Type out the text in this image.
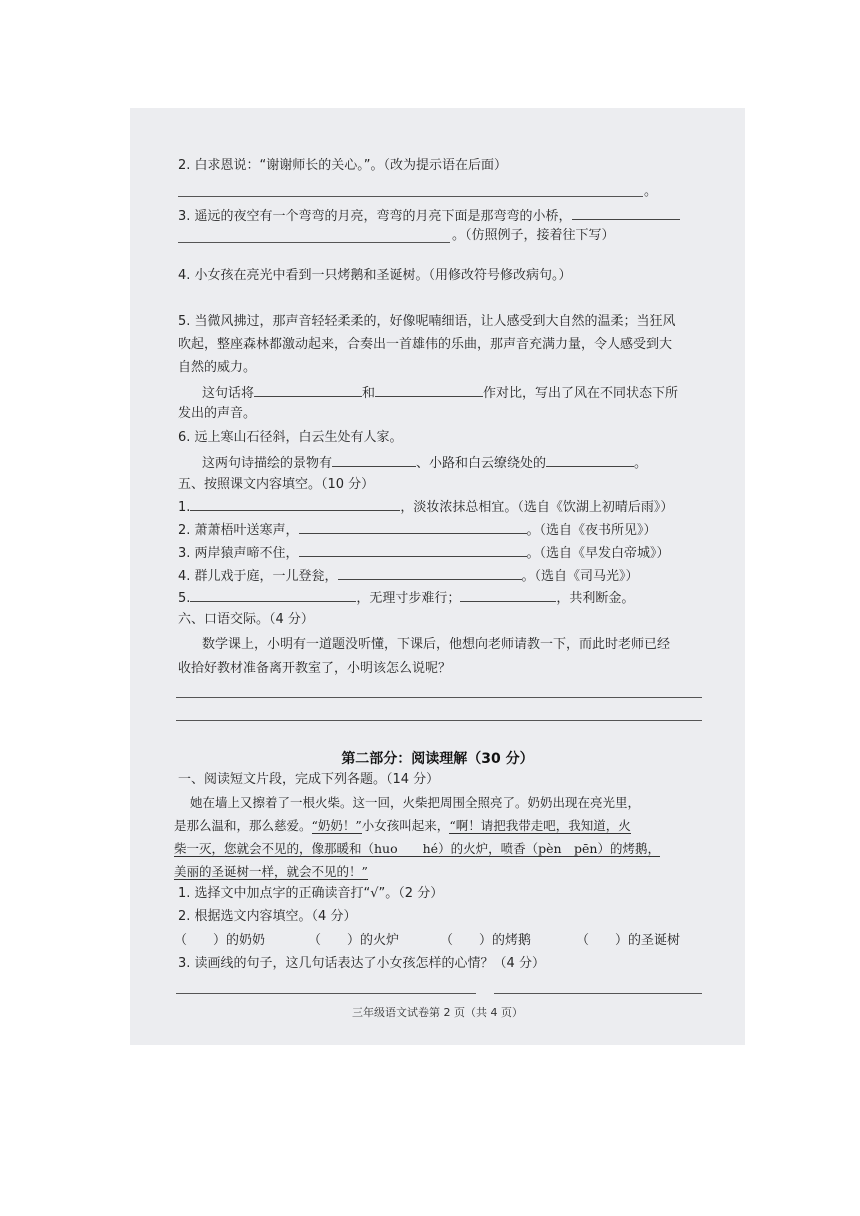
2. 白求恩说：“谢谢师长的关心。”。（改为提示语在后面）
。
3. 遥远的夜空有一个弯弯的月亮，弯弯的月亮下面是那弯弯的小桥，
。（仿照例子，接着往下写）
4. 小女孩在亮光中看到一只烤鹅和圣诞树。（用修改符号修改病句。）
5. 当微风拂过，那声音轻轻柔柔的，好像呢喃细语，让人感受到大自然的温柔；当狂风
吹起，整座森林都激动起来，合奏出一首雄伟的乐曲，那声音充满力量，令人感受到大
自然的威力。
这句话将	和	作对比，写出了风在不同状态下所
发出的声音。
6. 远上寒山石径斜，白云生处有人家。
这两句诗描绘的景物有	、小路和白云缭绕处的	。
五、按照课文内容填空。（10 分）
1.	，淡妆浓抹总相宜。（选自《饮湖上初晴后雨》）
2. 萧萧梧叶送寒声，	。（选自《夜书所见》）
3. 两岸猿声啼不住，	。（选自《早发白帝城》）
4. 群儿戏于庭，一儿登瓮，	。（选自《司马光》）
5.	，无理寸步难行；	，共利断金。
六、口语交际。（4 分）
数学课上，小明有一道题没听懂，下课后，他想向老师请教一下，而此时老师已经
收拾好教材准备离开教室了，小明该怎么说呢？
第二部分：阅读理解（30 分）
一、阅读短文片段，完成下列各题。（14 分）
她在墙上又擦着了一根火柴。这一回，火柴把周围全照亮了。奶奶出现在亮光里，
是那么温和，那么慈爱。“奶奶！”小女孩叫起来，“啊！请把我带走吧，我知道，火
柴一灭，您就会不见的，像那暖和（huo　　hé）的火炉，喷香（pèn　pēn）的烤鹅，
美丽的圣诞树一样，就会不见的！”
1. 选择文中加点字的正确读音打“√”。（2 分）
2. 根据选文内容填空。（4 分）
（　　）的奶奶	（　　）的火炉	（　　）的烤鹅	（　　）的圣诞树
3. 读画线的句子，这几句话表达了小女孩怎样的心情？（4 分）
三年级语文试卷第 2 页（共 4 页）
